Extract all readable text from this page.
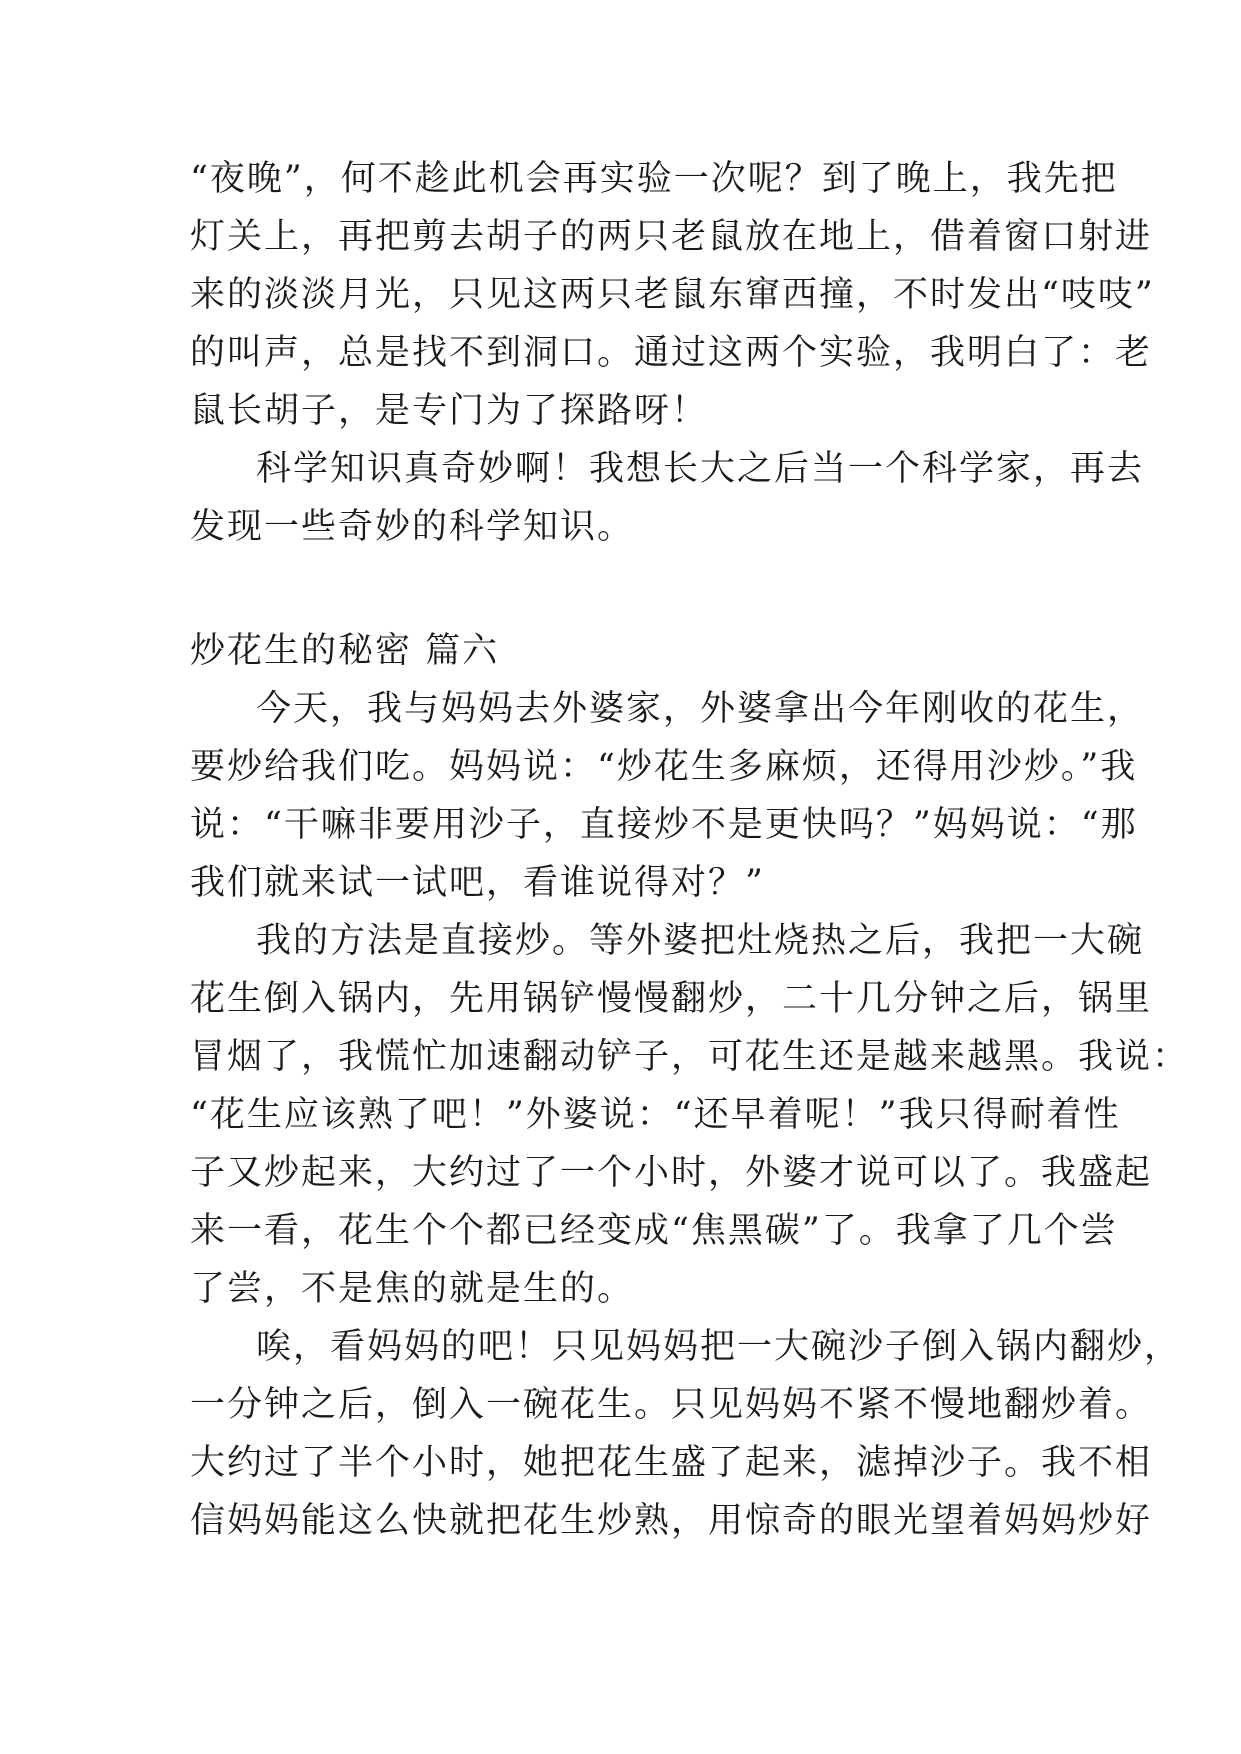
“夜晚”，何不趁此机会再实验一次呢？到了晚上，我先把
灯关上，再把剪去胡子的两只老鼠放在地上，借着窗口射进
来的淡淡月光，只见这两只老鼠东窜西撞，不时发出“吱吱”
的叫声，总是找不到洞口。通过这两个实验，我明白了：老
鼠长胡子，是专门为了探路呀！
科学知识真奇妙啊！我想长大之后当一个科学家，再去
发现一些奇妙的科学知识。
炒花生的秘密 篇六
今天，我与妈妈去外婆家，外婆拿出今年刚收的花生，
要炒给我们吃。妈妈说：“炒花生多麻烦，还得用沙炒。”我
说：“干嘛非要用沙子，直接炒不是更快吗？”妈妈说：“那
我们就来试一试吧，看谁说得对？”
我的方法是直接炒。等外婆把灶烧热之后，我把一大碗
花生倒入锅内，先用锅铲慢慢翻炒，二十几分钟之后，锅里
冒烟了，我慌忙加速翻动铲子，可花生还是越来越黑。我说：
“花生应该熟了吧！”外婆说：“还早着呢！”我只得耐着性
子又炒起来，大约过了一个小时，外婆才说可以了。我盛起
来一看，花生个个都已经变成“焦黑碳”了。我拿了几个尝
了尝，不是焦的就是生的。
唉，看妈妈的吧！只见妈妈把一大碗沙子倒入锅内翻炒，
一分钟之后，倒入一碗花生。只见妈妈不紧不慢地翻炒着。
大约过了半个小时，她把花生盛了起来，滤掉沙子。我不相
信妈妈能这么快就把花生炒熟，用惊奇的眼光望着妈妈炒好
